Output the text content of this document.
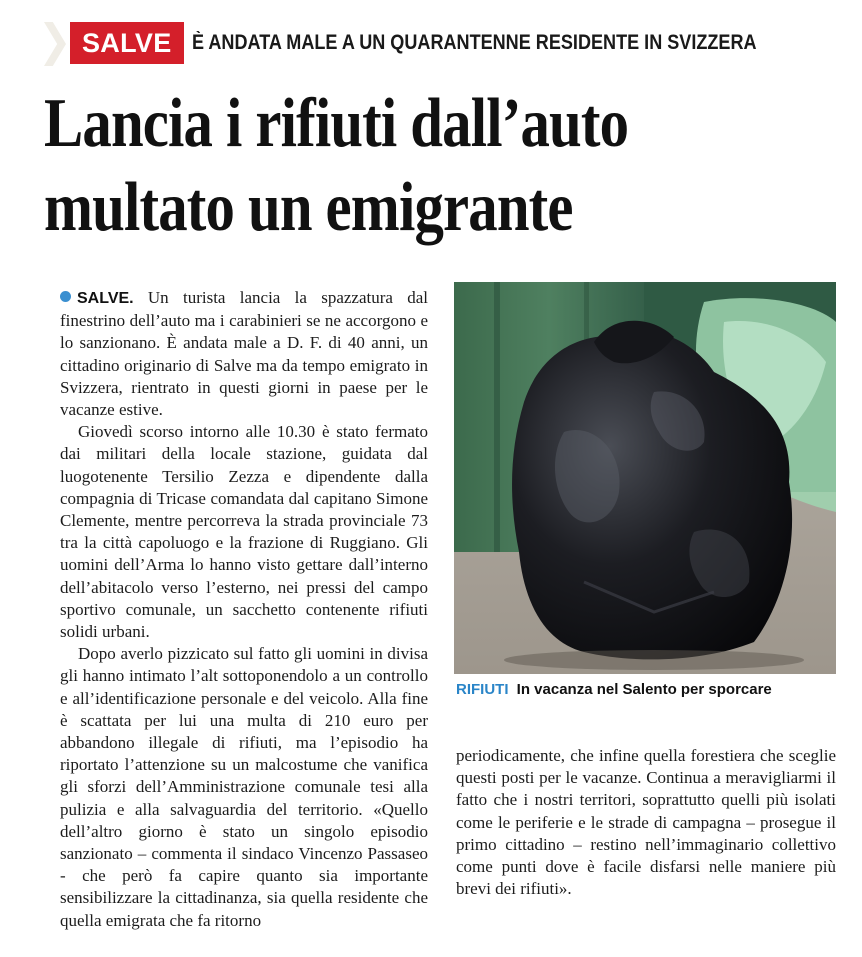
SALVE È ANDATA MALE A UN QUARANTENNE RESIDENTE IN SVIZZERA
Lancia i rifiuti dall’auto
multato un emigrante

SALVE. Un turista lancia la spazzatura dal finestrino dell’auto ma i carabinieri se ne accorgono e lo sanzionano. È andata male a D. F. di 40 anni, un cittadino originario di Salve ma da tempo emigrato in Svizzera, rientrato in questi giorni in paese per le vacanze estive.

Giovedì scorso intorno alle 10.30 è stato fermato dai militari della locale stazione, guidata dal luogotenente Tersilio Zezza e dipendente dalla compagnia di Tricase comandata dal capitano Simone Clemente, mentre percorreva la strada provinciale 73 tra la città capoluogo e la frazione di Ruggiano. Gli uomini dell’Arma lo hanno visto gettare dall’interno dell’abitacolo verso l’esterno, nei pressi del campo sportivo comunale, un sacchetto contenente rifiuti solidi urbani.

Dopo averlo pizzicato sul fatto gli uomini in divisa gli hanno intimato l’alt sottoponendolo a un controllo e all’identificazione personale e del veicolo. Alla fine è scattata per lui una multa di 210 euro per abbandono illegale di rifiuti, ma l’episodio ha riportato l’attenzione su un malcostume che vanifica gli sforzi dell’Amministrazione comunale tesi alla pulizia e alla salvaguardia del territorio. «Quello dell’altro giorno è stato un singolo episodio sanzionato – commenta il sindaco Vincenzo Passaseo - che però fa capire quanto sia importante sensibilizzare la cittadinanza, sia quella residente che quella emigrata che fa ritorno

RIFIUTI In vacanza nel Salento per sporcare

periodicamente, che infine quella forestiera che sceglie questi posti per le vacanze. Continua a meravigliarmi il fatto che i nostri territori, soprattutto quelli più isolati come le periferie e le strade di campagna – prosegue il primo cittadino – restino nell’immaginario collettivo come punti dove è facile disfarsi nelle maniere più brevi dei rifiuti».
